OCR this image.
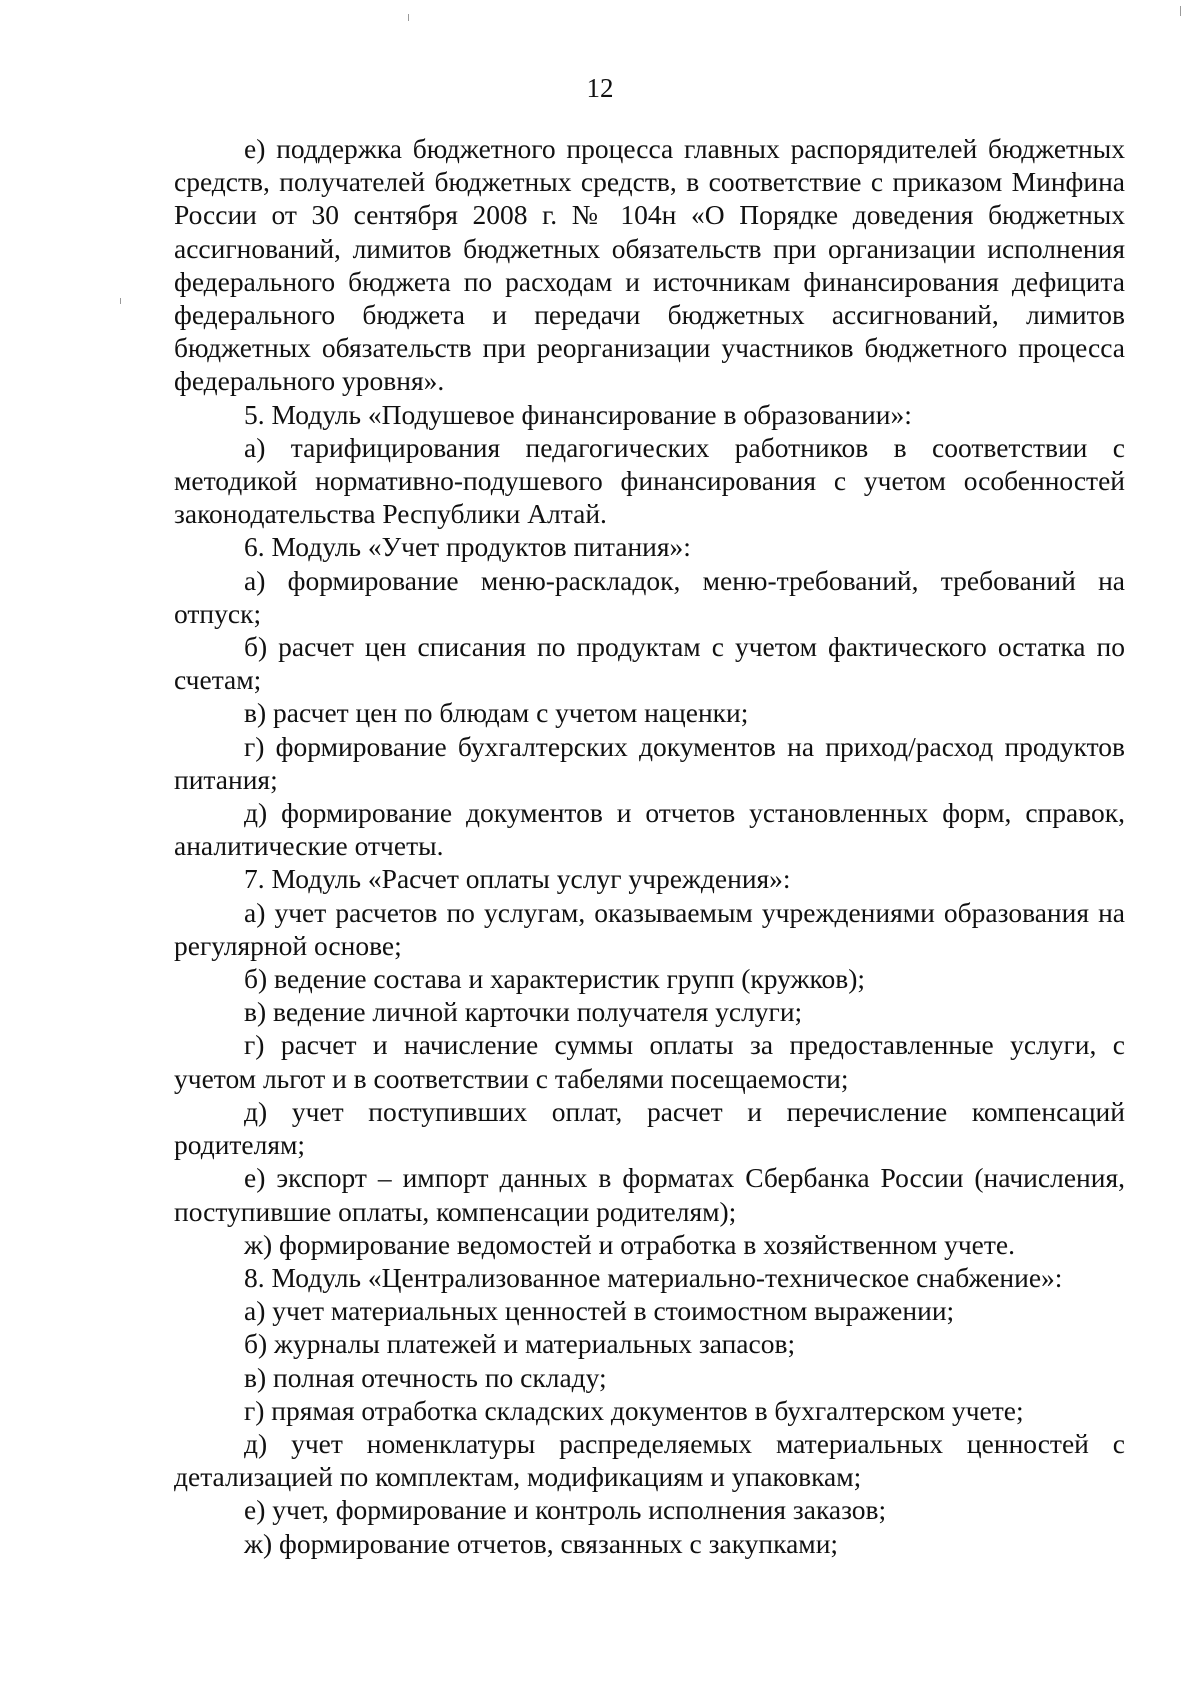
12

е) поддержка бюджетного процесса главных распорядителей бюджетных средств, получателей бюджетных средств, в соответствие с приказом Минфина России от 30 сентября 2008 г. № 104н «О Порядке доведения бюджетных ассигнований, лимитов бюджетных обязательств при организации исполнения федерального бюджета по расходам и источникам финансирования дефицита федерального бюджета и передачи бюджетных ассигнований, лимитов бюджетных обязательств при реорганизации участников бюджетного процесса федерального уровня».

5. Модуль «Подушевое финансирование в образовании»:

а) тарифицирования педагогических работников в соответствии с методикой нормативно-подушевого финансирования с учетом особенностей законодательства Республики Алтай.

6. Модуль «Учет продуктов питания»:

а) формирование меню-раскладок, меню-требований, требований на отпуск;

б) расчет цен списания по продуктам с учетом фактического остатка по счетам;

в) расчет цен по блюдам с учетом наценки;

г) формирование бухгалтерских документов на приход/расход продуктов питания;

д) формирование документов и отчетов установленных форм, справок, аналитические отчеты.

7. Модуль «Расчет оплаты услуг учреждения»:

а) учет расчетов по услугам, оказываемым учреждениями образования на регулярной основе;

б) ведение состава и характеристик групп (кружков);

в) ведение личной карточки получателя услуги;

г) расчет и начисление суммы оплаты за предоставленные услуги, с учетом льгот и в соответствии с табелями посещаемости;

д) учет поступивших оплат, расчет и перечисление компенсаций родителям;

е) экспорт – импорт данных в форматах Сбербанка России (начисления, поступившие оплаты, компенсации родителям);

ж) формирование ведомостей и отработка в хозяйственном учете.

8. Модуль «Централизованное материально-техническое снабжение»:

а) учет материальных ценностей в стоимостном выражении;

б) журналы платежей и материальных запасов;

в) полная отечность по складу;

г) прямая отработка складских документов в бухгалтерском учете;

д) учет номенклатуры распределяемых материальных ценностей с детализацией по комплектам, модификациям и упаковкам;

е) учет, формирование и контроль исполнения заказов;

ж) формирование отчетов, связанных с закупками;
